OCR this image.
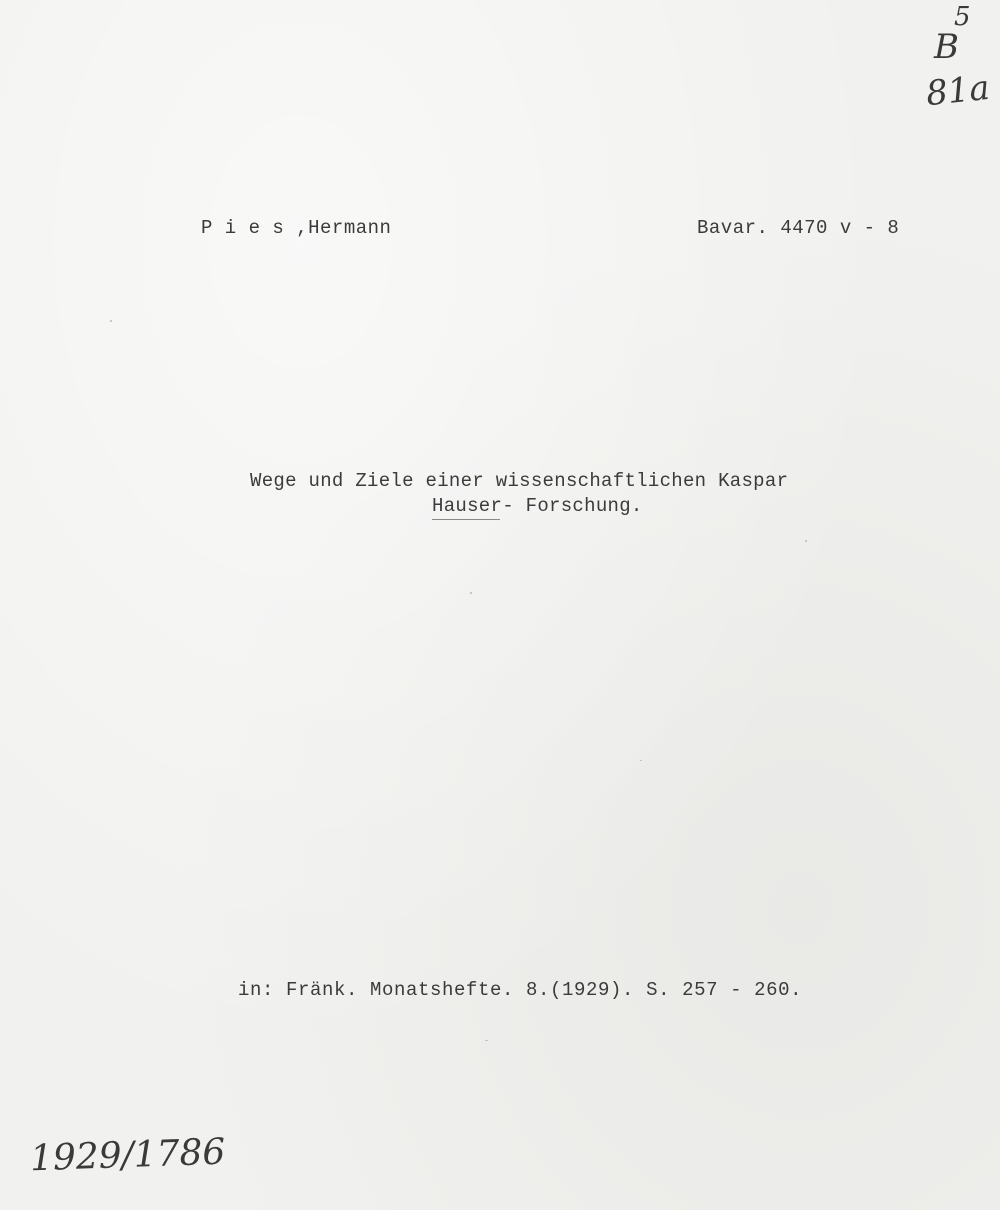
P i e s ,Hermann	Bavar. 4470 v - 8
Wege und Ziele einer wissenschaftlichen Kaspar
Hauser- Forschung.
in: Fränk. Monatshefte. 8.(1929). S. 257 - 260.
5
B
81a
1929/1786
